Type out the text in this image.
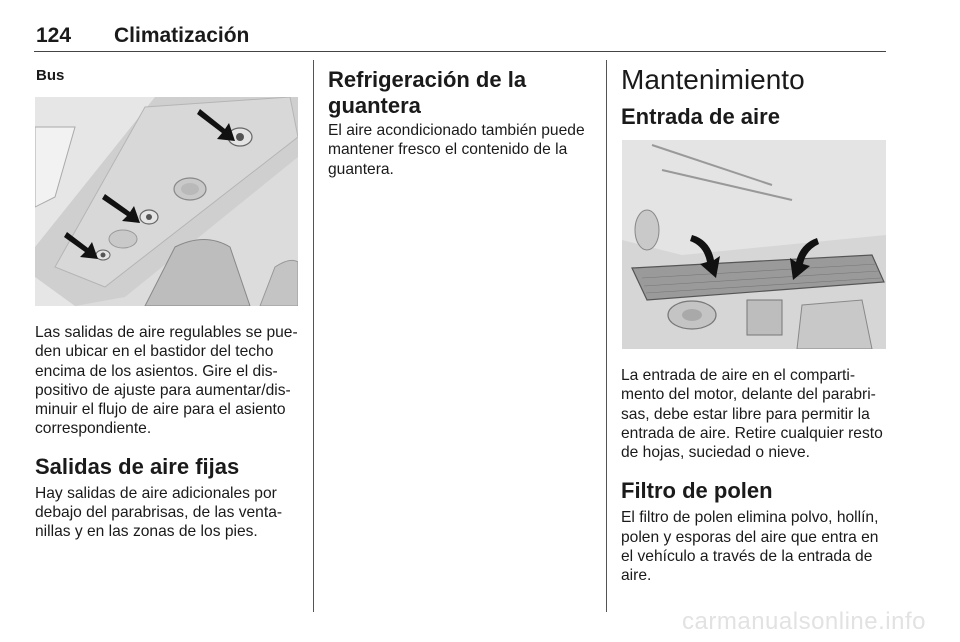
124 Climatización
Bus

Las salidas de aire regulables se pue-den ubicar en el bastidor del techo encima de los asientos. Gire el dis-positivo de ajuste para aumentar/dis-minuir el flujo de aire para el asiento correspondiente.

Salidas de aire fijas

Hay salidas de aire adicionales por debajo del parabrisas, de las venta-nillas y en las zonas de los pies.

Refrigeración de la guantera

El aire acondicionado también puede mantener fresco el contenido de la guantera.

Mantenimiento

Entrada de aire

La entrada de aire en el comparti-mento del motor, delante del parabri-sas, debe estar libre para permitir la entrada de aire. Retire cualquier resto de hojas, suciedad o nieve.

Filtro de polen

El filtro de polen elimina polvo, hollín, polen y esporas del aire que entra en el vehículo a través de la entrada de aire.

carmanualsonline.info
